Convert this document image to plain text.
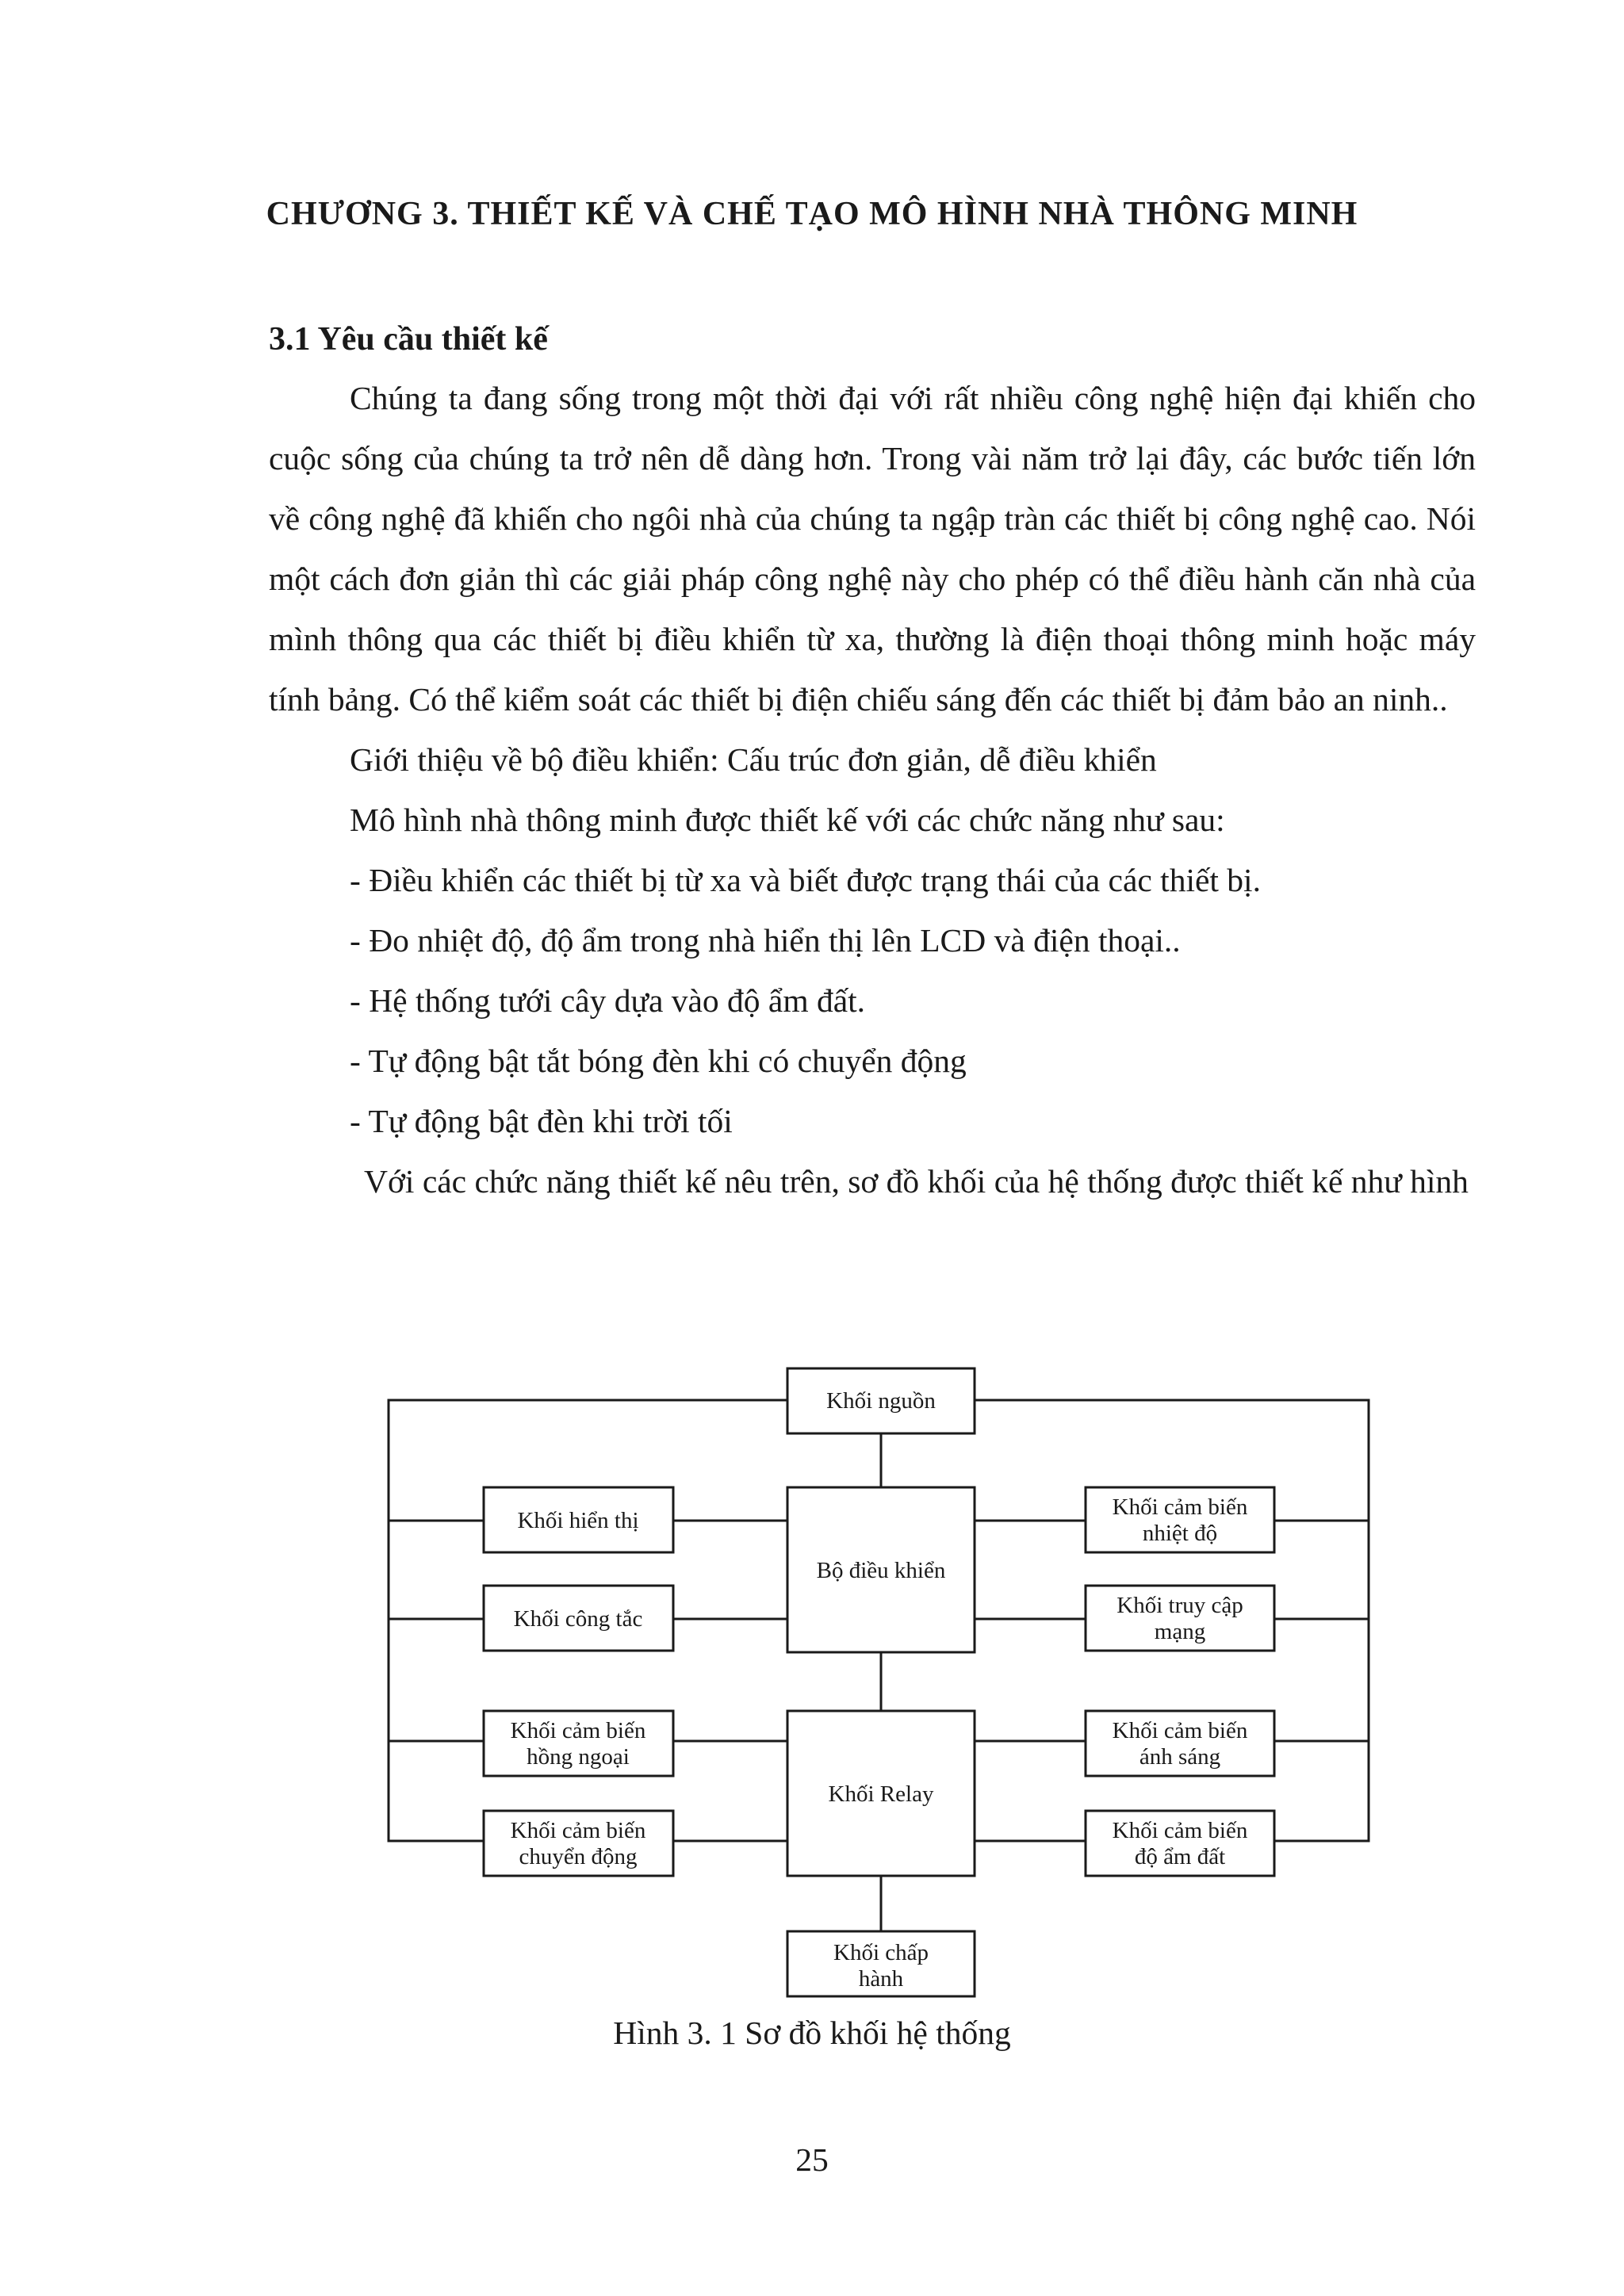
CHƯƠNG 3. THIẾT KẾ VÀ CHẾ TẠO MÔ HÌNH NHÀ THÔNG MINH
3.1 Yêu cầu thiết kế

Chúng ta đang sống trong một thời đại với rất nhiều công nghệ hiện đại khiến cho cuộc sống của chúng ta trở nên dễ dàng hơn. Trong vài năm trở lại đây, các bước tiến lớn về công nghệ đã khiến cho ngôi nhà của chúng ta ngập tràn các thiết bị công nghệ cao. Nói một cách đơn giản thì các giải pháp công nghệ này cho phép có thể điều hành căn nhà của mình thông qua các thiết bị điều khiển từ xa, thường là điện thoại thông minh hoặc máy tính bảng. Có thể kiểm soát các thiết bị điện chiếu sáng đến các thiết bị đảm bảo an ninh..

Giới thiệu về bộ điều khiển: Cấu trúc đơn giản, dễ điều khiển

Mô hình nhà thông minh được thiết kế với các chức năng như sau:

- Điều khiển các thiết bị từ xa và biết được trạng thái của các thiết bị.

- Đo nhiệt độ, độ ẩm trong nhà hiển thị lên LCD và điện thoại..

- Hệ thống tưới cây dựa vào độ ẩm đất.

- Tự động bật tắt bóng đèn khi có chuyển động

- Tự động bật đèn khi trời tối

Với các chức năng thiết kế nêu trên, sơ đồ khối của hệ thống được thiết kế như hình

Khối nguồn
Bộ điều khiển
Khối Relay
Khối chấp
hành
Khối hiển thị
Khối công tắc
Khối cảm biến
hồng ngoại
Khối cảm biến
chuyển động
Khối cảm biến
nhiệt độ
Khối truy cập
mạng
Khối cảm biến
ánh sáng
Khối cảm biến
độ ẩm đất
Hình 3. 1 Sơ đồ khối hệ thống
25
